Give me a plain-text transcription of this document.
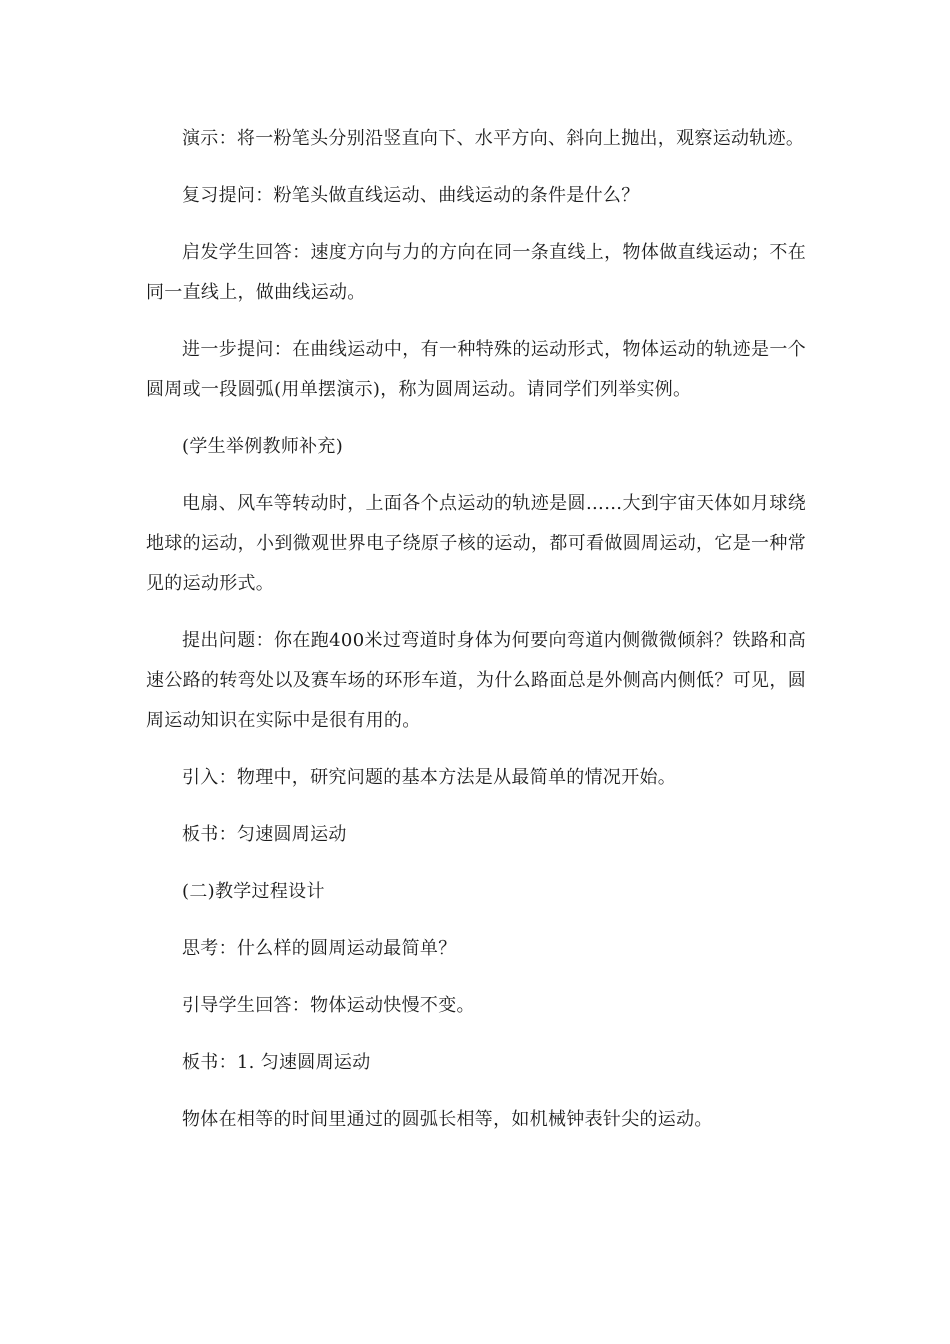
演示：将一粉笔头分别沿竖直向下、水平方向、斜向上抛出，观察运动轨迹。

复习提问：粉笔头做直线运动、曲线运动的条件是什么？

启发学生回答：速度方向与力的方向在同一条直线上，物体做直线运动；不在同一直线上，做曲线运动。

进一步提问：在曲线运动中，有一种特殊的运动形式，物体运动的轨迹是一个圆周或一段圆弧(用单摆演示)，称为圆周运动。请同学们列举实例。

(学生举例教师补充)

电扇、风车等转动时，上面各个点运动的轨迹是圆……大到宇宙天体如月球绕地球的运动，小到微观世界电子绕原子核的运动，都可看做圆周运动，它是一种常见的运动形式。

提出问题：你在跑400米过弯道时身体为何要向弯道内侧微微倾斜？铁路和高速公路的转弯处以及赛车场的环形车道，为什么路面总是外侧高内侧低？可见，圆周运动知识在实际中是很有用的。

引入：物理中，研究问题的基本方法是从最简单的情况开始。

板书：匀速圆周运动

(二)教学过程设计

思考：什么样的圆周运动最简单？

引导学生回答：物体运动快慢不变。

板书：1. 匀速圆周运动

物体在相等的时间里通过的圆弧长相等，如机械钟表针尖的运动。
